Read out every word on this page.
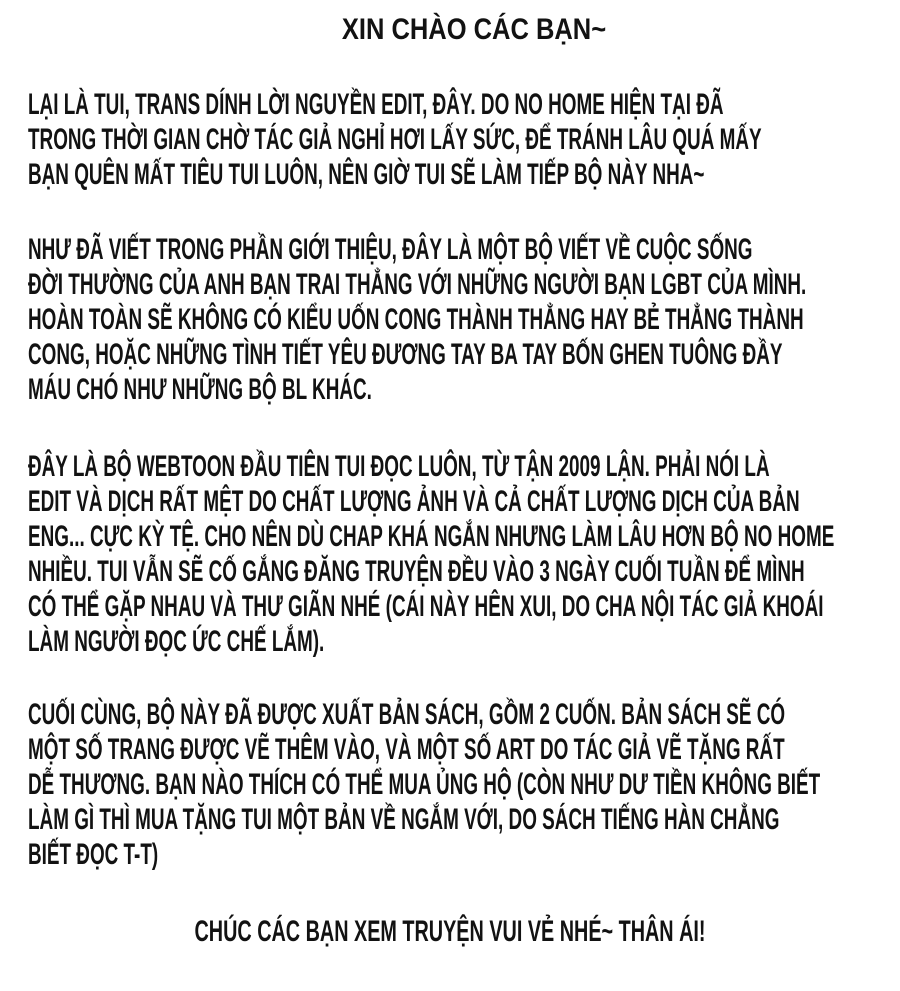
XIN CHÀO CÁC BẠN~
LẠI LÀ TUI, TRANS DÍNH LỜI NGUYỀN EDIT, ĐÂY. DO NO HOME HIỆN TẠI ĐÃ
TRONG THỜI GIAN CHỜ TÁC GIẢ NGHỈ HƠI LẤY SỨC, ĐỂ TRÁNH LÂU QUÁ MẤY
BẠN QUÊN MẤT TIÊU TUI LUÔN, NÊN GIỜ TUI SẼ LÀM TIẾP BỘ NÀY NHA~
NHƯ ĐÃ VIẾT TRONG PHẦN GIỚI THIỆU, ĐÂY LÀ MỘT BỘ VIẾT VỀ CUỘC SỐNG
ĐỜI THƯỜNG CỦA ANH BẠN TRAI THẲNG VỚI NHỮNG NGƯỜI BẠN LGBT CỦA MÌNH.
HOÀN TOÀN SẼ KHÔNG CÓ KIỂU UỐN CONG THÀNH THẲNG HAY BẺ THẲNG THÀNH
CONG, HOẶC NHỮNG TÌNH TIẾT YÊU ĐƯƠNG TAY BA TAY BỐN GHEN TUÔNG ĐẦY
MÁU CHÓ NHƯ NHỮNG BỘ BL KHÁC.
ĐÂY LÀ BỘ WEBTOON ĐẦU TIÊN TUI ĐỌC LUÔN, TỪ TẬN 2009 LẬN. PHẢI NÓI LÀ
EDIT VÀ DỊCH RẤT MỆT DO CHẤT LƯỢNG ẢNH VÀ CẢ CHẤT LƯỢNG DỊCH CỦA BẢN
ENG... CỰC KỲ TỆ. CHO NÊN DÙ CHAP KHÁ NGẮN NHƯNG LÀM LÂU HƠN BỘ NO HOME
NHIỀU. TUI VẪN SẼ CỐ GẮNG ĐĂNG TRUYỆN ĐỀU VÀO 3 NGÀY CUỐI TUẦN ĐỂ MÌNH
CÓ THỂ GẶP NHAU VÀ THƯ GIÃN NHÉ (CÁI NÀY HÊN XUI, DO CHA NỘI TÁC GIẢ KHOÁI
LÀM NGƯỜI ĐỌC ỨC CHẾ LẮM).
CUỐI CÙNG, BỘ NÀY ĐÃ ĐƯỢC XUẤT BẢN SÁCH, GỒM 2 CUỐN. BẢN SÁCH SẼ CÓ
MỘT SỐ TRANG ĐƯỢC VẼ THÊM VÀO, VÀ MỘT SỐ ART DO TÁC GIẢ VẼ TẶNG RẤT
DỄ THƯƠNG. BẠN NÀO THÍCH CÓ THỂ MUA ỦNG HỘ (CÒN NHƯ DƯ TIỀN KHÔNG BIẾT
LÀM GÌ THÌ MUA TẶNG TUI MỘT BẢN VỀ NGẮM VỚI, DO SÁCH TIẾNG HÀN CHẲNG
BIẾT ĐỌC T-T)
CHÚC CÁC BẠN XEM TRUYỆN VUI VẺ NHÉ~ THÂN ÁI!
